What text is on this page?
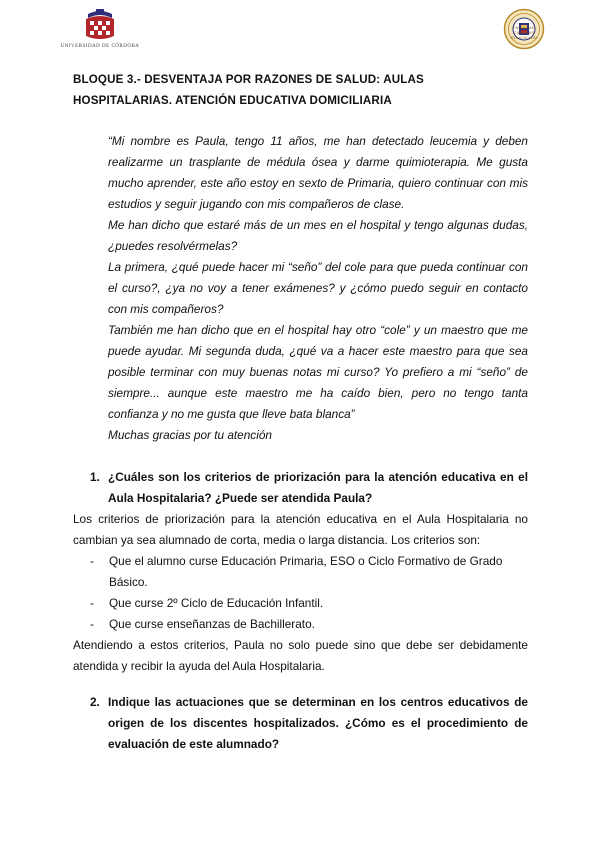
UNIVERSIDAD DE CÓRDOBA
FACULTAD CIENCIAS EDUCACIÓN
BLOQUE 3.- DESVENTAJA POR RAZONES DE SALUD: AULAS
HOSPITALARIAS. ATENCIÓN EDUCATIVA DOMICILIARIA

“Mi nombre es Paula, tengo 11 años, me han detectado leucemia y deben realizarme un trasplante de médula ósea y darme quimioterapia. Me gusta mucho aprender, este año estoy en sexto de Primaria, quiero continuar con mis estudios y seguir jugando con mis compañeros de clase.

Me han dicho que estaré más de un mes en el hospital y tengo algunas dudas, ¿puedes resolvérmelas?

La primera, ¿qué puede hacer mi “seño” del cole para que pueda continuar con el curso?, ¿ya no voy a tener exámenes? y ¿cómo puedo seguir en contacto con mis compañeros?

También me han dicho que en el hospital hay otro “cole” y un maestro que me puede ayudar. Mi segunda duda, ¿qué va a hacer este maestro para que sea posible terminar con muy buenas notas mi curso? Yo prefiero a mi “seño” de siempre... aunque este maestro me ha caído bien, pero no tengo tanta confianza y no me gusta que lleve bata blanca”

Muchas gracias por tu atención

1. ¿Cuáles son los criterios de priorización para la atención educativa en el Aula Hospitalaria? ¿Puede ser atendida Paula?

Los criterios de priorización para la atención educativa en el Aula Hospitalaria no cambian ya sea alumnado de corta, media o larga distancia. Los criterios son:

- Que el alumno curse Educación Primaria, ESO o Ciclo Formativo de Grado Básico.
- Que curse 2º Ciclo de Educación Infantil.
- Que curse enseñanzas de Bachillerato.

Atendiendo a estos criterios, Paula no solo puede sino que debe ser debidamente atendida y recibir la ayuda del Aula Hospitalaria.

2. Indique las actuaciones que se determinan en los centros educativos de origen de los discentes hospitalizados. ¿Cómo es el procedimiento de evaluación de este alumnado?
